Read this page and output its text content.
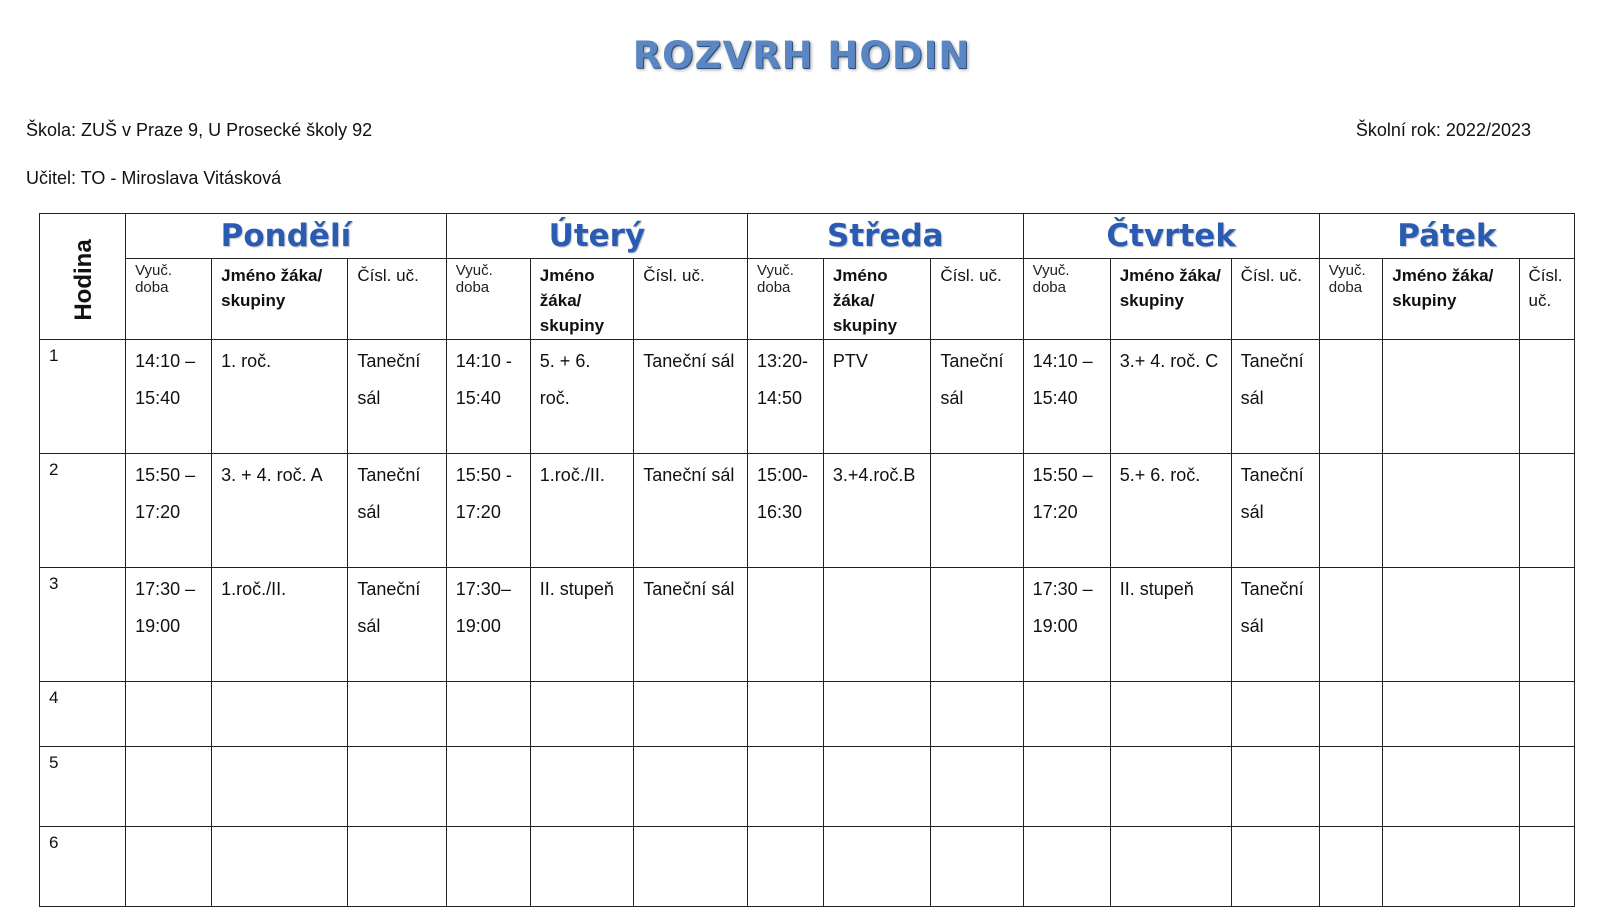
ROZVRH HODIN
Škola: ZUŠ v Praze 9, U Prosecké školy 92	Školní rok: 2022/2023
Učitel: TO - Miroslava Vitásková
Hodina	Pondělí			Úterý			Středa			Čtvrtek			Pátek		
	Vyuč. doba	Jméno žáka/ skupiny	Čísl. uč.	Vyuč. doba	Jméno žáka/ skupiny	Čísl. uč.	Vyuč. doba	Jméno žáka/ skupiny	Čísl. uč.	Vyuč. doba	Jméno žáka/ skupiny	Čísl. uč.	Vyuč. doba	Jméno žáka/ skupiny	Čísl. uč.
1	14:10 – 15:40	1. roč.	Taneční sál	14:10 - 15:40	5. + 6. roč.	Taneční sál	13:20- 14:50	PTV	Taneční sál	14:10 – 15:40	3.+ 4. roč. C	Taneční sál			
2	15:50 – 17:20	3. + 4. roč. A	Taneční sál	15:50 - 17:20	1.roč./II.	Taneční sál	15:00- 16:30	3.+4.roč.B		15:50 – 17:20	5.+ 6. roč.	Taneční sál			
3	17:30 – 19:00	1.roč./II.	Taneční sál	17:30– 19:00	II. stupeň	Taneční sál				17:30 – 19:00	II. stupeň	Taneční sál			
4															
5															
6															
